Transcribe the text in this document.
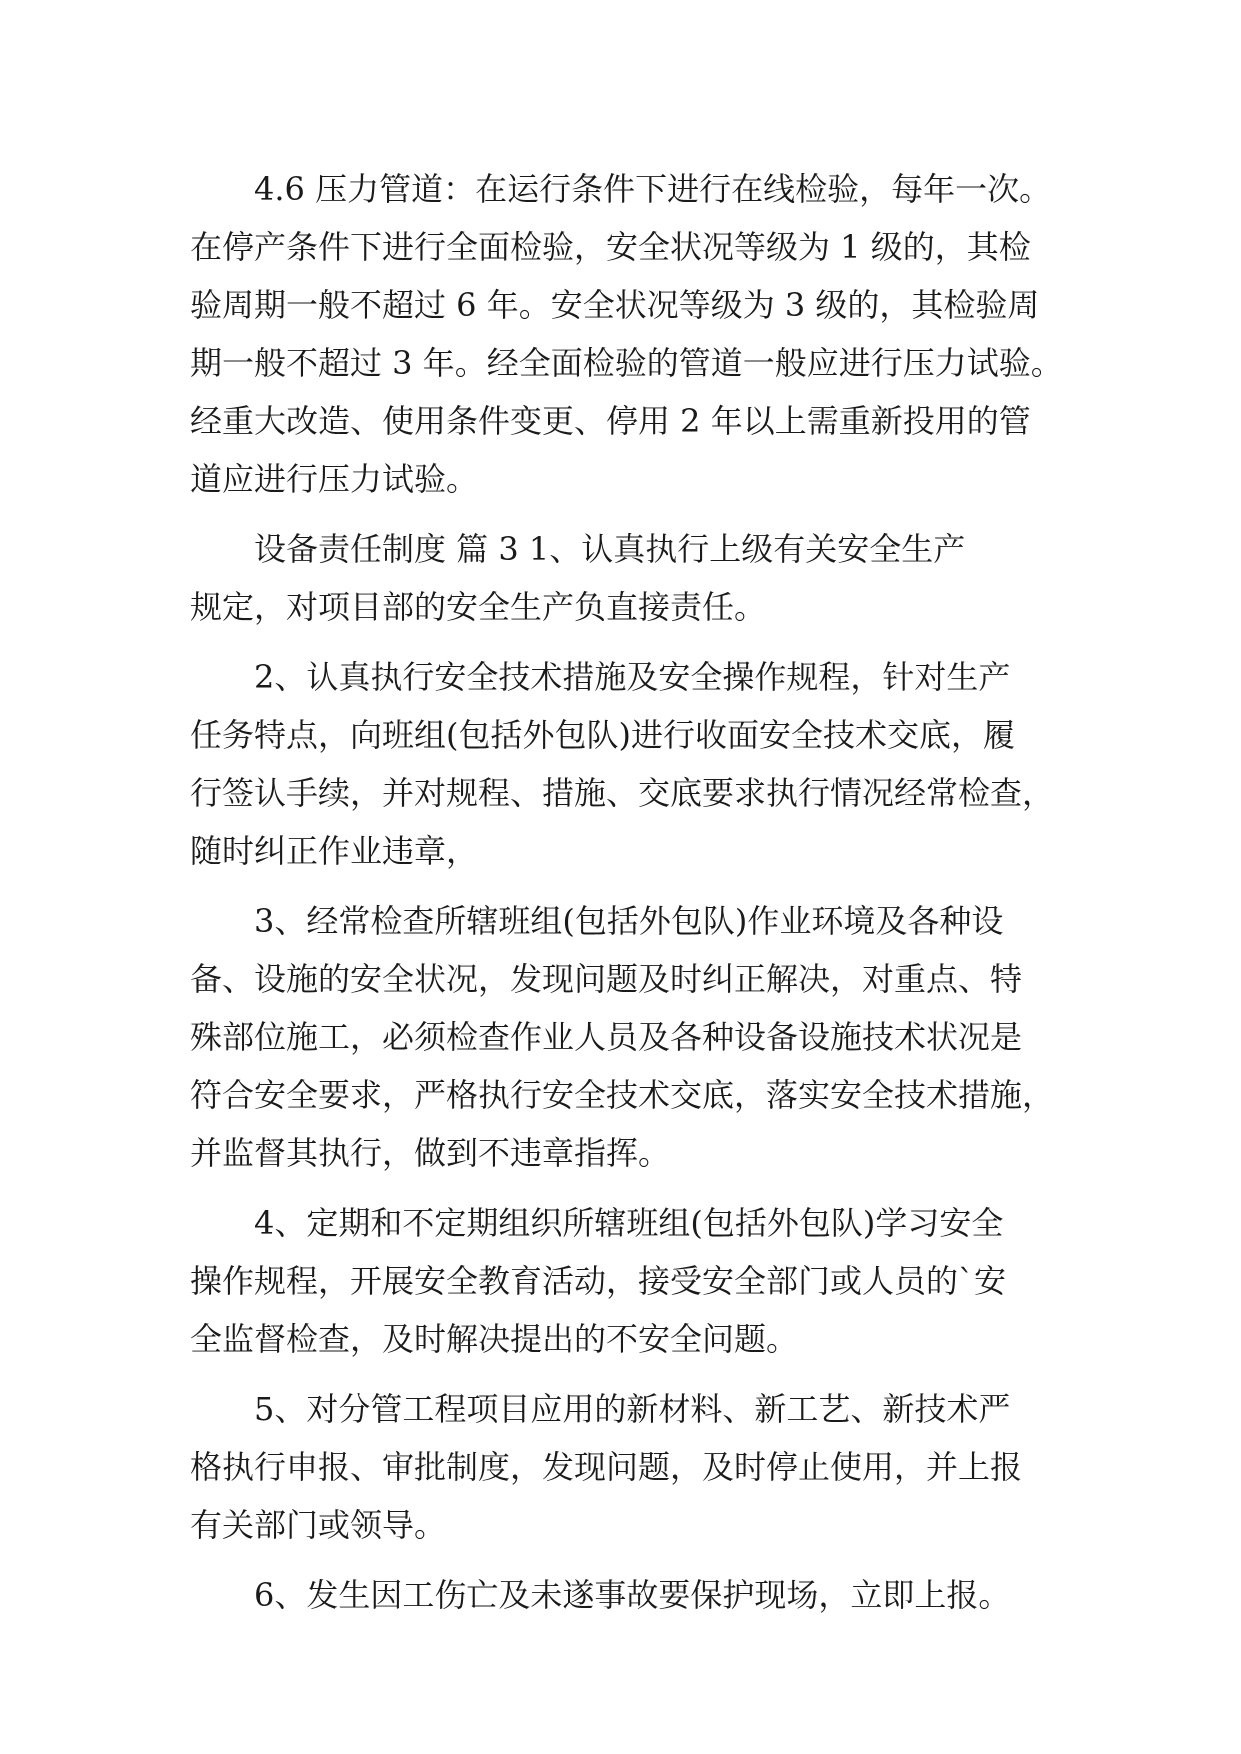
4.6 压力管道：在运行条件下进行在线检验，每年一次。
在停产条件下进行全面检验，安全状况等级为 1 级的，其检
验周期一般不超过 6 年。安全状况等级为 3 级的，其检验周
期一般不超过 3 年。经全面检验的管道一般应进行压力试验。
经重大改造、使用条件变更、停用 2 年以上需重新投用的管
道应进行压力试验。
设备责任制度 篇 3 1、认真执行上级有关安全生产
规定，对项目部的安全生产负直接责任。
2、认真执行安全技术措施及安全操作规程，针对生产
任务特点，向班组(包括外包队)进行收面安全技术交底，履
行签认手续，并对规程、措施、交底要求执行情况经常检查，
随时纠正作业违章，
3、经常检查所辖班组(包括外包队)作业环境及各种设
备、设施的安全状况，发现问题及时纠正解决，对重点、特
殊部位施工，必须检查作业人员及各种设备设施技术状况是
符合安全要求，严格执行安全技术交底，落实安全技术措施，
并监督其执行，做到不违章指挥。
4、定期和不定期组织所辖班组(包括外包队)学习安全
操作规程，开展安全教育活动，接受安全部门或人员的`安
全监督检查，及时解决提出的不安全问题。
5、对分管工程项目应用的新材料、新工艺、新技术严
格执行申报、审批制度，发现问题，及时停止使用，并上报
有关部门或领导。
6、发生因工伤亡及未遂事故要保护现场，立即上报。
